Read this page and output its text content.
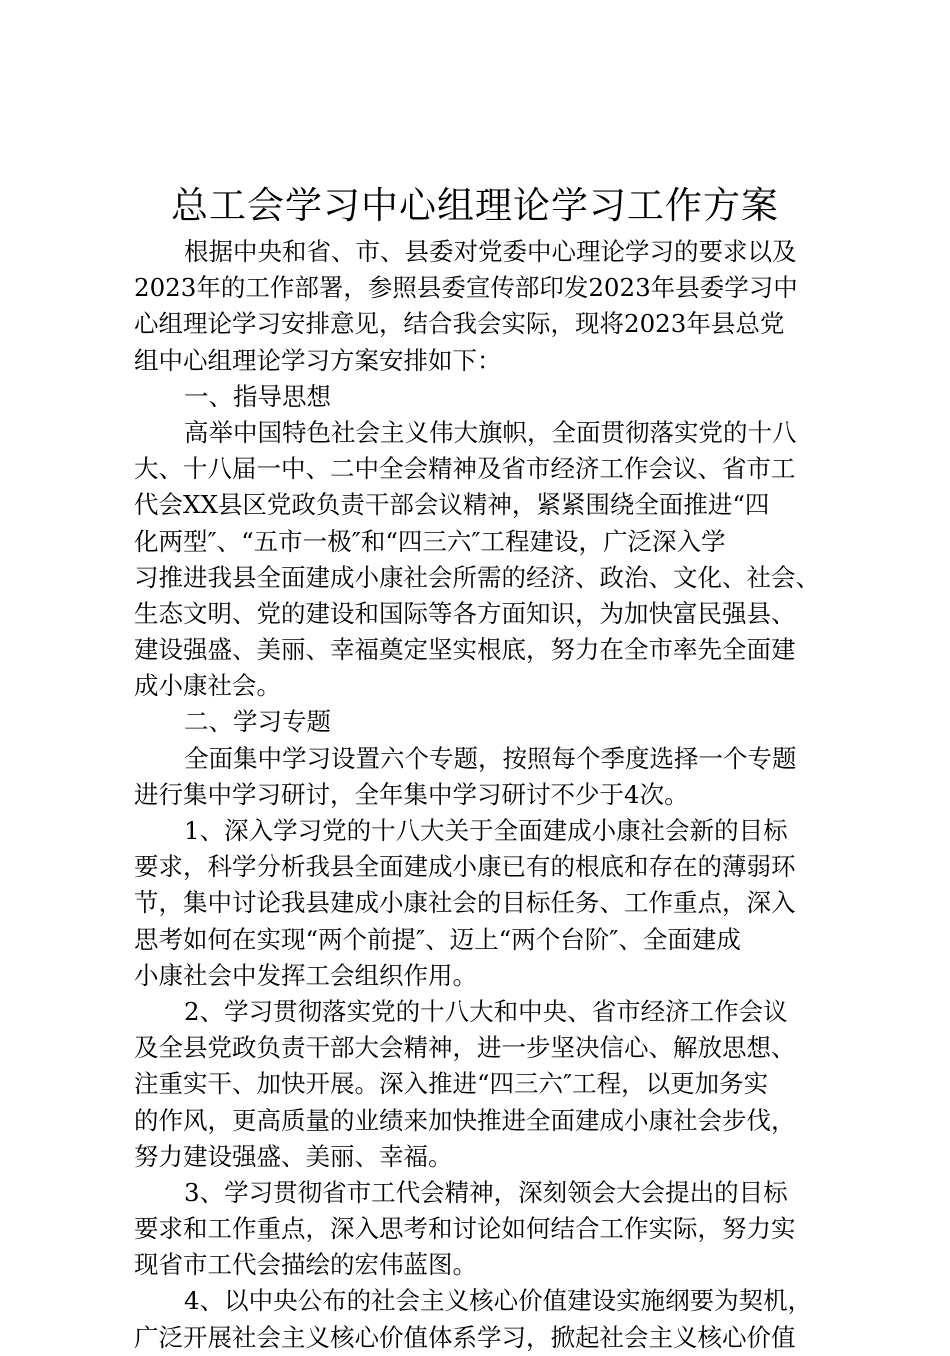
总工会学习中心组理论学习工作方案
根据中央和省、市、县委对党委中心理论学习的要求以及
2023年的工作部署，参照县委宣传部印发2023年县委学习中
心组理论学习安排意见，结合我会实际，现将2023年县总党
组中心组理论学习方案安排如下：
一、指导思想
高举中国特色社会主义伟大旗帜，全面贯彻落实党的十八
大、十八届一中、二中全会精神及省市经济工作会议、省市工
代会XX县区党政负责干部会议精神，紧紧围绕全面推进“四
化两型″、“五市一极″和“四三六″工程建设，广泛深入学
习推进我县全面建成小康社会所需的经济、政治、文化、社会、
生态文明、党的建设和国际等各方面知识，为加快富民强县、
建设强盛、美丽、幸福奠定坚实根底，努力在全市率先全面建
成小康社会。
二、学习专题
全面集中学习设置六个专题，按照每个季度选择一个专题
进行集中学习研讨，全年集中学习研讨不少于4次。
1、深入学习党的十八大关于全面建成小康社会新的目标
要求，科学分析我县全面建成小康已有的根底和存在的薄弱环
节，集中讨论我县建成小康社会的目标任务、工作重点，深入
思考如何在实现“两个前提″、迈上“两个台阶″、全面建成
小康社会中发挥工会组织作用。
2、学习贯彻落实党的十八大和中央、省市经济工作会议
及全县党政负责干部大会精神，进一步坚决信心、解放思想、
注重实干、加快开展。深入推进“四三六″工程，以更加务实
的作风，更高质量的业绩来加快推进全面建成小康社会步伐，
努力建设强盛、美丽、幸福。
3、学习贯彻省市工代会精神，深刻领会大会提出的目标
要求和工作重点，深入思考和讨论如何结合工作实际，努力实
现省市工代会描绘的宏伟蓝图。
4、以中央公布的社会主义核心价值建设实施纲要为契机，
广泛开展社会主义核心价值体系学习，掀起社会主义核心价值
